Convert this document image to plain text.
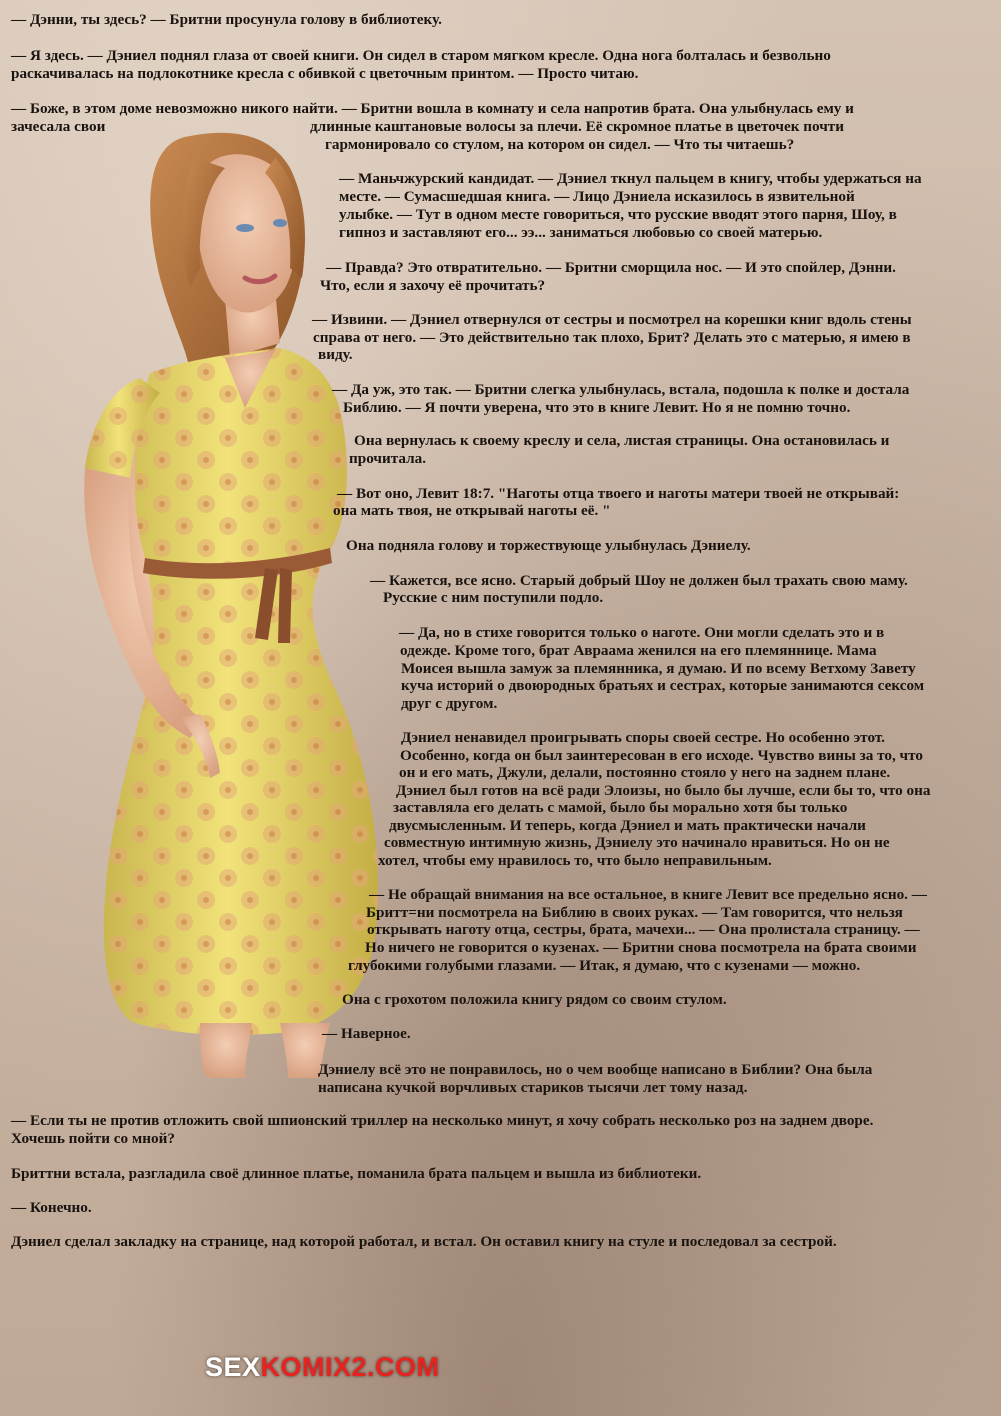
— Дэнни, ты здесь? — Бритни просунула голову в библиотеку.

— Я здесь. — Дэниел поднял глаза от своей книги. Он сидел в старом мягком кресле. Одна нога болталась и безвольно

раскачивалась на подлокотнике кресла с обивкой с цветочным принтом. — Просто читаю.

— Боже, в этом доме невозможно никого найти. — Бритни вошла в комнату и села напротив брата. Она улыбнулась ему и

зачесала свои	длинные каштановые волосы за плечи. Её скромное платье в цветочек почти

гармонировало со стулом, на котором он сидел. — Что ты читаешь?

— Маньчжурский кандидат. — Дэниел ткнул пальцем в книгу, чтобы удержаться на

месте. — Сумасшедшая книга. — Лицо Дэниела исказилось в язвительной

улыбке. — Тут в одном месте говориться, что русские вводят этого парня, Шоу, в

гипноз и заставляют его... ээ... заниматься любовью со своей матерью.

— Правда? Это отвратительно. — Бритни сморщила нос. — И это спойлер, Дэнни.

Что, если я захочу её прочитать?

— Извини. — Дэниел отвернулся от сестры и посмотрел на корешки книг вдоль стены

справа от него. — Это действительно так плохо, Брит? Делать это с матерью, я имею в

виду.

— Да уж, это так. — Бритни слегка улыбнулась, встала, подошла к полке и достала

Библию. — Я почти уверена, что это в книге Левит. Но я не помню точно.

Она вернулась к своему креслу и села, листая страницы. Она остановилась и

прочитала.

— Вот оно, Левит 18:7. "Наготы отца твоего и наготы матери твоей не открывай:

она мать твоя, не открывай наготы её. "

Она подняла голову и торжествующе улыбнулась Дэниелу.

— Кажется, все ясно. Старый добрый Шоу не должен был трахать свою маму.

Русские с ним поступили подло.

— Да, но в стихе говорится только о наготе. Они могли сделать это и в

одежде. Кроме того, брат Авраама женился на его племяннице. Мама

Моисея вышла замуж за племянника, я думаю. И по всему Ветхому Завету

куча историй о двоюродных братьях и сестрах, которые занимаются сексом

друг с другом.

Дэниел ненавидел проигрывать споры своей сестре. Но особенно этот.

Особенно, когда он был заинтересован в его исходе. Чувство вины за то, что

он и его мать, Джули, делали, постоянно стояло у него на заднем плане.

Дэниел был готов на всё ради Элоизы, но было бы лучше, если бы то, что она

заставляла его делать с мамой, было бы морально хотя бы только

двусмысленным. И теперь, когда Дэниел и мать практически начали

совместную интимную жизнь, Дэниелу это начинало нравиться. Но он не

хотел, чтобы ему нравилось то, что было неправильным.

— Не обращай внимания на все остальное, в книге Левит все предельно ясно. —

Бритт=ни посмотрела на Библию в своих руках. — Там говорится, что нельзя

открывать наготу отца, сестры, брата, мачехи... — Она пролистала страницу. —

Но ничего не говорится о кузенах. — Бритни снова посмотрела на брата своими

глубокими голубыми глазами. — Итак, я думаю, что с кузенами — можно.

Она с грохотом положила книгу рядом со своим стулом.

— Наверное.

Дэниелу всё это не понравилось, но о чем вообще написано в Библии? Она была

написана кучкой ворчливых стариков тысячи лет тому назад.

— Если ты не против отложить свой шпионский триллер на несколько минут, я хочу собрать несколько роз на заднем дворе.

Хочешь пойти со мной?

Бриттни встала, разгладила своё длинное платье, поманила брата пальцем и вышла из библиотеки.

— Конечно.

Дэниел сделал закладку на странице, над которой работал, и встал. Он оставил книгу на стуле и последовал за сестрой.

SEXKOMIX2.COM
